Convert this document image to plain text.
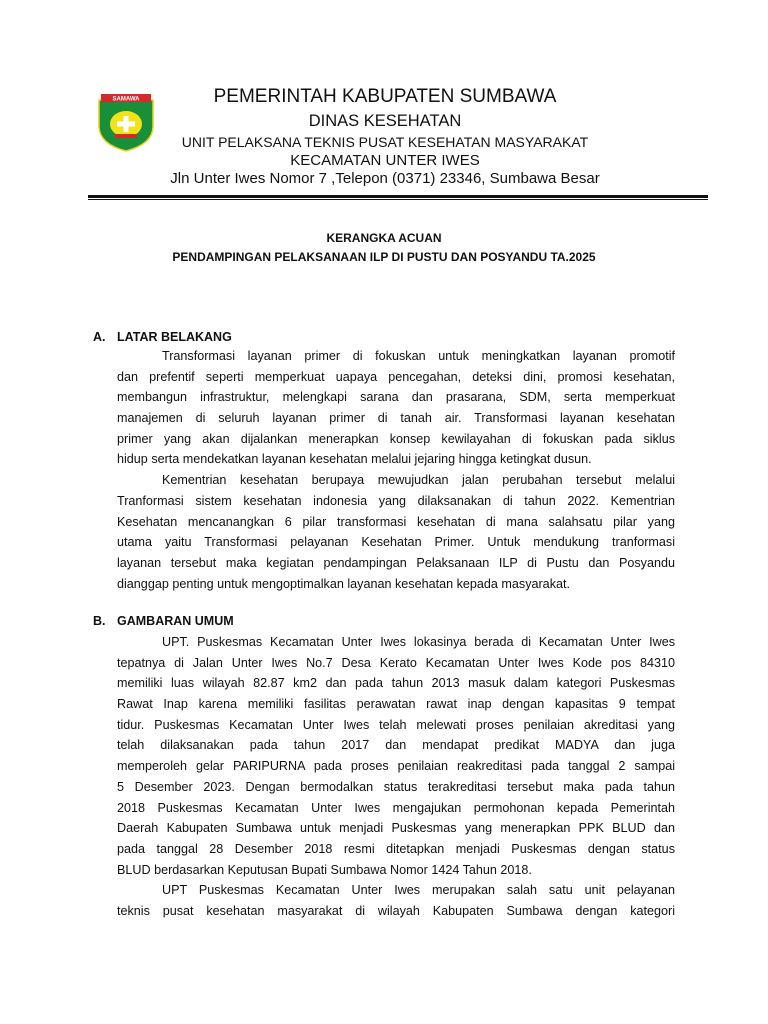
SAMAWA	PEMERINTAH KABUPATEN SUMBAWA
DINAS KESEHATAN
UNIT PELAKSANA TEKNIS PUSAT KESEHATAN MASYARAKAT
KECAMATAN UNTER IWES
Jln Unter Iwes Nomor 7 ,Telepon (0371) 23346, Sumbawa Besar
KERANGKA ACUAN
PENDAMPINGAN PELAKSANAAN ILP DI PUSTU DAN POSYANDU TA.2025
A. LATAR BELAKANG
Transformasi layanan primer di fokuskan untuk meningkatkan layanan promotif
dan prefentif seperti memperkuat uapaya pencegahan, deteksi dini, promosi kesehatan,
membangun infrastruktur, melengkapi sarana dan prasarana, SDM, serta memperkuat
manajemen di seluruh layanan primer di tanah air. Transformasi layanan kesehatan
primer yang akan dijalankan menerapkan konsep kewilayahan di fokuskan pada siklus
hidup serta mendekatkan layanan kesehatan melalui jejaring hingga ketingkat dusun.
Kementrian kesehatan berupaya mewujudkan jalan perubahan tersebut melalui
Tranformasi sistem kesehatan indonesia yang dilaksanakan di tahun 2022. Kementrian
Kesehatan mencanangkan 6 pilar transformasi kesehatan di mana salahsatu pilar yang
utama yaitu Transformasi pelayanan Kesehatan Primer. Untuk mendukung tranformasi
layanan tersebut maka kegiatan pendampingan Pelaksanaan ILP di Pustu dan Posyandu
dianggap penting untuk mengoptimalkan layanan kesehatan kepada masyarakat.
B. GAMBARAN UMUM
UPT. Puskesmas Kecamatan Unter Iwes lokasinya berada di Kecamatan Unter Iwes
tepatnya di Jalan Unter Iwes No.7 Desa Kerato Kecamatan Unter Iwes Kode pos 84310
memiliki luas wilayah 82.87 km2 dan pada tahun 2013 masuk dalam kategori Puskesmas
Rawat Inap karena memiliki fasilitas perawatan rawat inap dengan kapasitas 9 tempat
tidur. Puskesmas Kecamatan Unter Iwes telah melewati proses penilaian akreditasi yang
telah dilaksanakan pada tahun 2017 dan mendapat predikat MADYA dan juga
memperoleh gelar PARIPURNA pada proses penilaian reakreditasi pada tanggal 2 sampai
5 Desember 2023. Dengan bermodalkan status terakreditasi tersebut maka pada tahun
2018 Puskesmas Kecamatan Unter Iwes mengajukan permohonan kepada Pemerintah
Daerah Kabupaten Sumbawa untuk menjadi Puskesmas yang menerapkan PPK BLUD dan
pada tanggal 28 Desember 2018 resmi ditetapkan menjadi Puskesmas dengan status
BLUD berdasarkan Keputusan Bupati Sumbawa Nomor 1424 Tahun 2018.
UPT Puskesmas Kecamatan Unter Iwes merupakan salah satu unit pelayanan
teknis pusat kesehatan masyarakat di wilayah Kabupaten Sumbawa dengan kategori
